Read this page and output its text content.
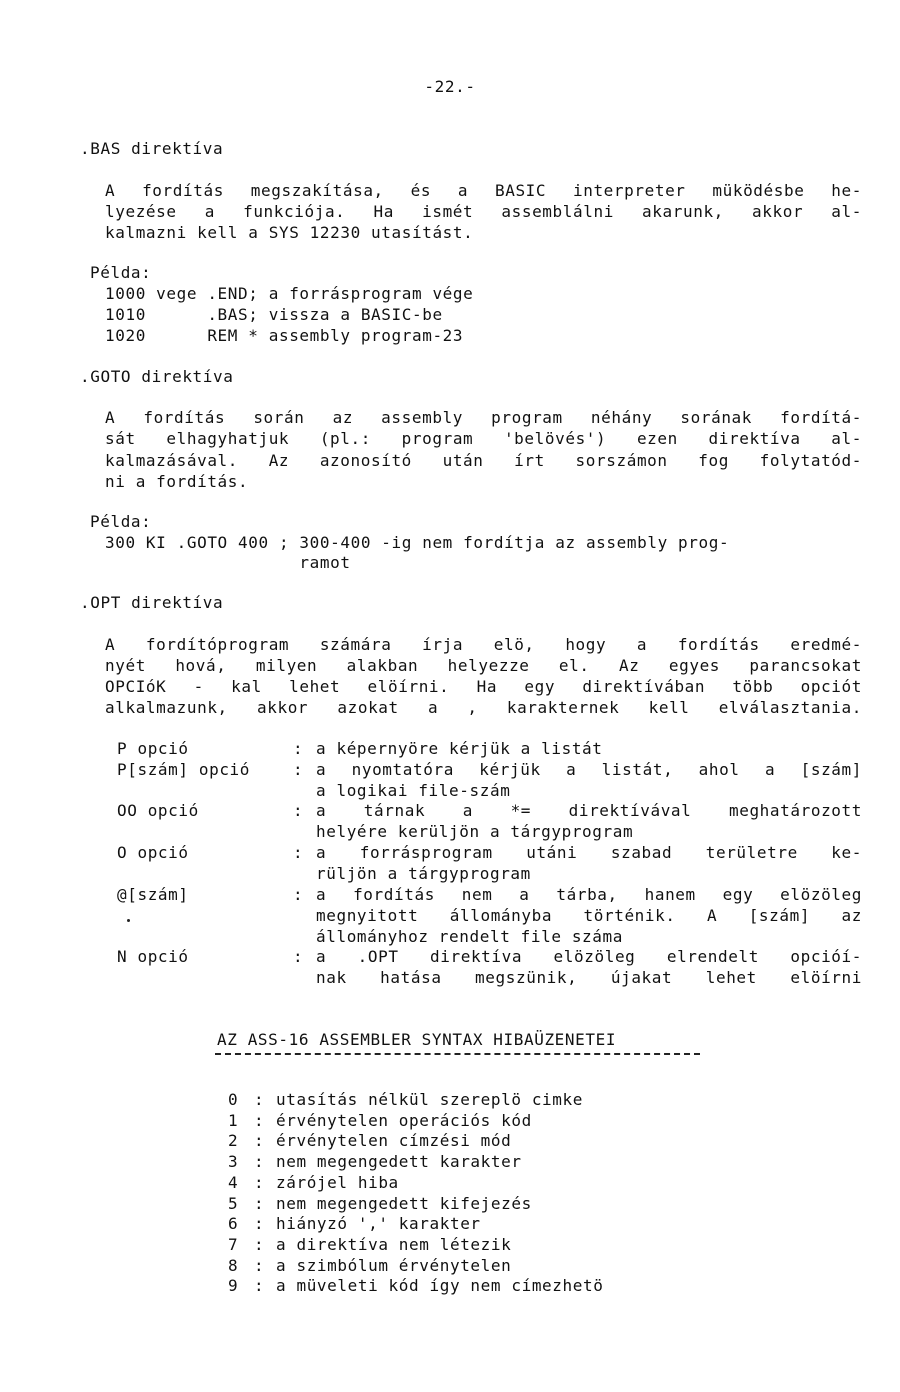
-22.-
.BAS direktíva
A fordítás megszakítása, és a BASIC interpreter müködésbe he-
lyezése a funkciója. Ha ismét assemblálni akarunk, akkor al-
kalmazni kell a SYS 12230 utasítást.
Példa:
1000 vege .END; a forrásprogram vége
1010      .BAS; vissza a BASIC-be
1020      REM * assembly program-23
.GOTO direktíva
A fordítás során az assembly program néhány sorának fordítá-
sát elhagyhatjuk (pl.: program 'belövés') ezen direktíva al-
kalmazásával. Az azonosító után írt sorszámon fog folytatód-
ni a fordítás.
Példa:
300 KI .GOTO 400 ; 300-400 -ig nem fordítja az assembly prog-
ramot
.OPT direktíva
A fordítóprogram számára írja elö, hogy a fordítás eredmé-
nyét hová, milyen alakban helyezze el. Az egyes parancsokat
OPCIóK - kal lehet elöírni. Ha egy direktívában több opciót
alkalmazunk, akkor azokat a , karakternek kell elválasztania.
P opció	: a képernyöre kérjük a listát
P[szám] opció	: a nyomtatóra kérjük a listát, ahol a [szám]
a logikai file-szám
OO opció	: a tárnak a *= direktívával meghatározott
helyére kerüljön a tárgyprogram
O opció	: a forrásprogram utáni szabad területre ke-
rüljön a tárgyprogram
@[szám]	: a fordítás nem a tárba, hanem egy elözöleg
megnyitott állományba történik. A [szám] az
állományhoz rendelt file száma
N opció	: a .OPT direktíva elözöleg elrendelt opcióí-
nak hatása megszünik, újakat lehet elöírni
AZ ASS-16 ASSEMBLER SYNTAX HIBAÜZENETEI
0 : utasítás nélkül szereplö cimke
1 : érvénytelen operációs kód
2 : érvénytelen címzési mód
3 : nem megengedett karakter
4 : zárójel hiba
5 : nem megengedett kifejezés
6 : hiányzó ',' karakter
7 : a direktíva nem létezik
8 : a szimbólum érvénytelen
9 : a müveleti kód így nem címezhetö
